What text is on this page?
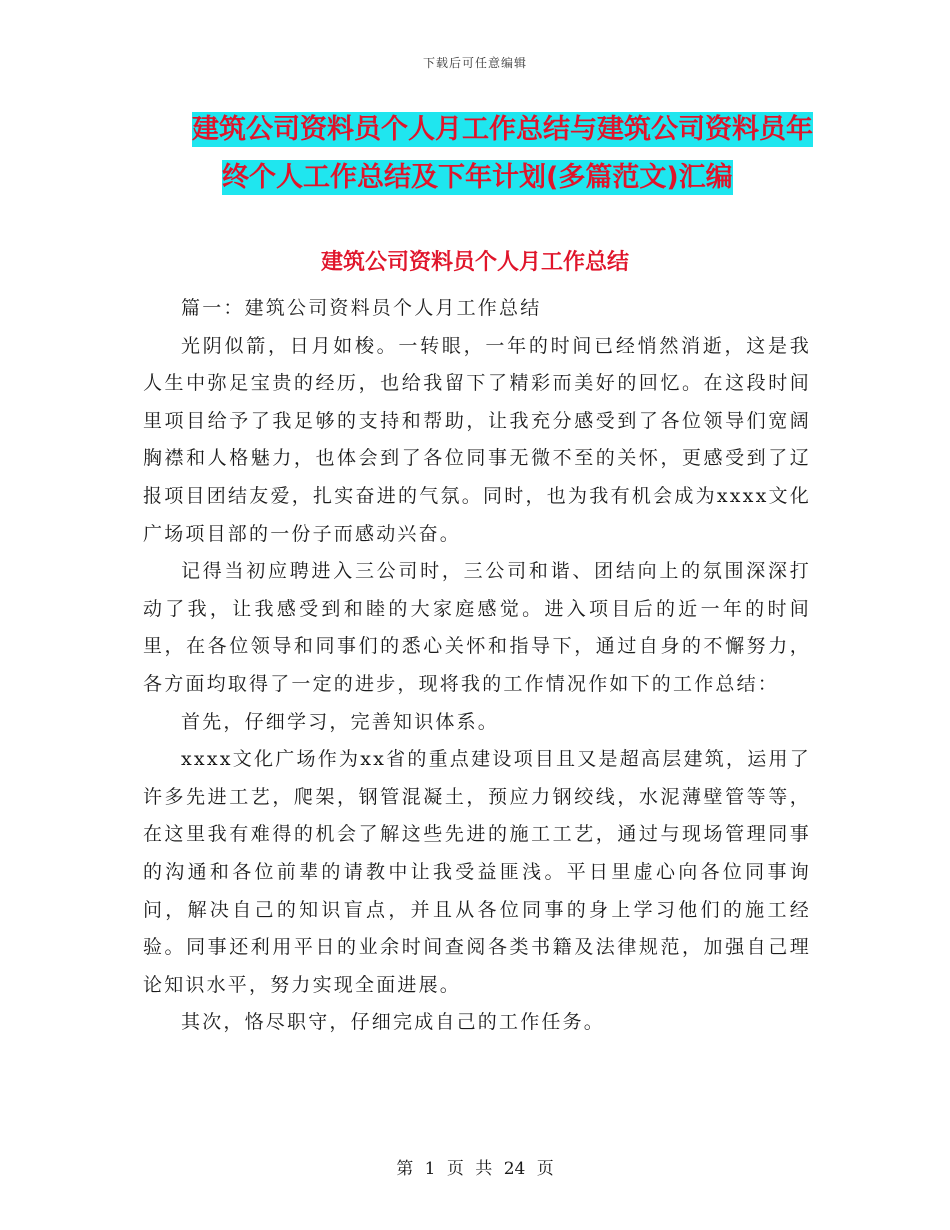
下载后可任意编辑
建筑公司资料员个人月工作总结与建筑公司资料员年
终个人工作总结及下年计划(多篇范文)汇编
建筑公司资料员个人月工作总结

篇一：建筑公司资料员个人月工作总结

光阴似箭，日月如梭。一转眼，一年的时间已经悄然消逝，这是我人生中弥足宝贵的经历，也给我留下了精彩而美好的回忆。在这段时间里项目给予了我足够的支持和帮助，让我充分感受到了各位领导们宽阔胸襟和人格魅力，也体会到了各位同事无微不至的关怀，更感受到了辽报项目团结友爱，扎实奋进的气氛。同时，也为我有机会成为xxxx文化广场项目部的一份子而感动兴奋。

记得当初应聘进入三公司时，三公司和谐、团结向上的氛围深深打动了我，让我感受到和睦的大家庭感觉。进入项目后的近一年的时间里，在各位领导和同事们的悉心关怀和指导下，通过自身的不懈努力，各方面均取得了一定的进步，现将我的工作情况作如下的工作总结：

首先，仔细学习，完善知识体系。

xxxx文化广场作为xx省的重点建设项目且又是超高层建筑，运用了许多先进工艺，爬架，钢管混凝土，预应力钢绞线，水泥薄壁管等等，在这里我有难得的机会了解这些先进的施工工艺，通过与现场管理同事的沟通和各位前辈的请教中让我受益匪浅。平日里虚心向各位同事询问，解决自己的知识盲点，并且从各位同事的身上学习他们的施工经验。同事还利用平日的业余时间查阅各类书籍及法律规范，加强自己理论知识水平，努力实现全面进展。

其次，恪尽职守，仔细完成自己的工作任务。

第 1 页 共 24 页
